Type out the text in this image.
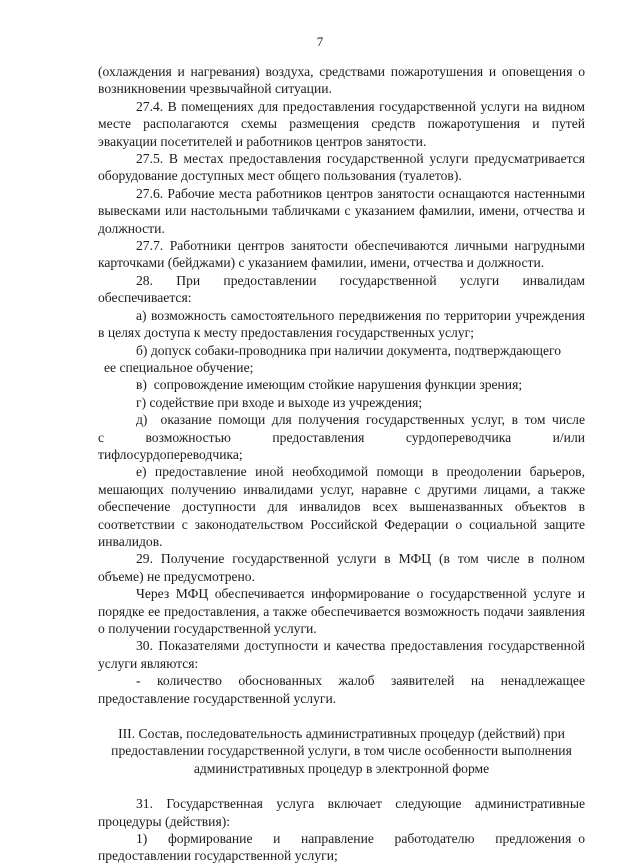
7

(охлаждения и нагревания) воздуха, средствами пожаротушения и оповещения о возникновении чрезвычайной ситуации.

27.4. В помещениях для предоставления государственной услуги на видном месте располагаются схемы размещения средств пожаротушения и путей эвакуации посетителей и работников центров занятости.

27.5. В местах предоставления государственной услуги предусматривается оборудование доступных мест общего пользования (туалетов).

27.6. Рабочие места работников центров занятости оснащаются настенными вывесками или настольными табличками с указанием фамилии, имени, отчества и должности.

27.7. Работники центров занятости обеспечиваются личными нагрудными карточками (бейджами) с указанием фамилии, имени, отчества и должности.

28.      При      предоставлении      государственной      услуги      инвалидам

обеспечивается:

а) возможность самостоятельного передвижения по территории учреждения в целях доступа к месту предоставления государственных услуг;

б) допуск собаки-проводника при наличии документа, подтверждающего

ее специальное обучение;

в)  сопровождение имеющим стойкие нарушения функции зрения;

г) содействие при входе и выходе из учреждения;

д)  оказание помощи для получения государственных услуг, в том числе

с          возможностью          предоставления          сурдопереводчика          и/или

тифлосурдопереводчика;

е) предоставление иной необходимой помощи в преодолении барьеров, мешающих получению инвалидами услуг, наравне с другими лицами, а также обеспечение доступности для инвалидов всех вышеназванных объектов в соответствии с законодательством Российской Федерации о социальной защите инвалидов.

29. Получение государственной услуги в МФЦ (в том числе в полном объеме) не предусмотрено.

Через МФЦ обеспечивается информирование о государственной услуге и порядке ее предоставления, а также обеспечивается возможность подачи заявления о получении государственной услуги.

30. Показателями доступности и качества предоставления государственной услуги являются:

-   количество   обоснованных   жалоб   заявителей   на   ненадлежащее предоставление государственной услуги.

III. Состав, последовательность административных процедур (действий) при предоставлении государственной услуги, в том числе особенности выполнения административных процедур в электронной форме

31. Государственная услуга включает следующие административные процедуры (действия):

1)   формирование   и   направление   работодателю   предложения о предоставлении государственной услуги;
